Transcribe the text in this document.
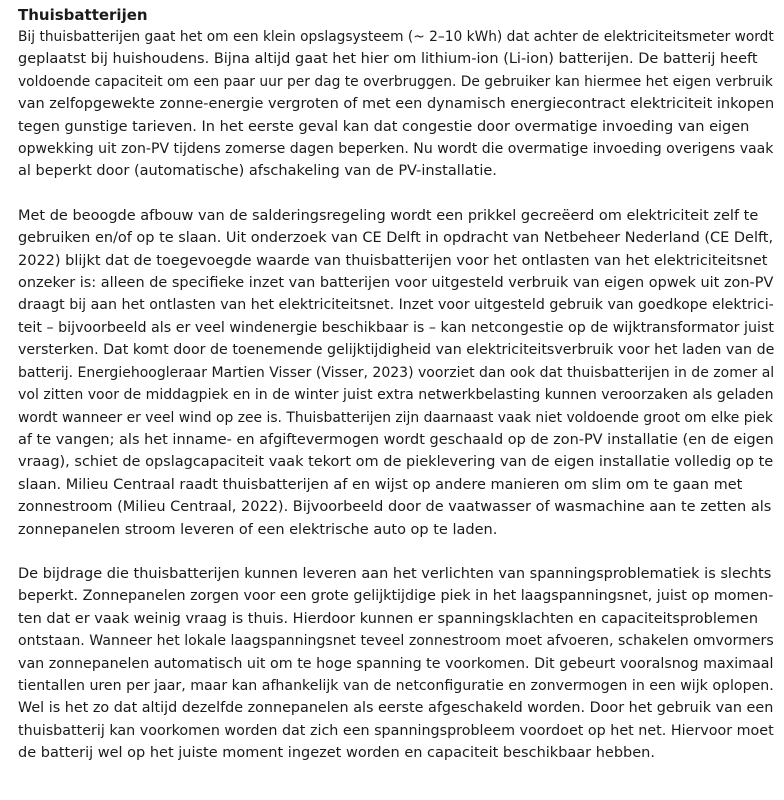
Thuisbatterijen

Bij thuisbatterijen gaat het om een klein opslagsysteem (~ 2–10 kWh) dat achter de elektriciteitsmeter wordt
geplaatst bij huishoudens. Bijna altijd gaat het hier om lithium-ion (Li-ion) batterijen. De batterij heeft
voldoende capaciteit om een paar uur per dag te overbruggen. De gebruiker kan hiermee het eigen verbruik
van zelfopgewekte zonne-energie vergroten of met een dynamisch energiecontract elektriciteit inkopen
tegen gunstige tarieven. In het eerste geval kan dat congestie door overmatige invoeding van eigen
opwekking uit zon-PV tijdens zomerse dagen beperken. Nu wordt die overmatige invoeding overigens vaak
al beperkt door (automatische) afschakeling van de PV-installatie.

Met de beoogde afbouw van de salderingsregeling wordt een prikkel gecreëerd om elektriciteit zelf te
gebruiken en/of op te slaan. Uit onderzoek van CE Delft in opdracht van Netbeheer Nederland (CE Delft,
2022) blijkt dat de toegevoegde waarde van thuisbatterijen voor het ontlasten van het elektriciteitsnet
onzeker is: alleen de specifieke inzet van batterijen voor uitgesteld verbruik van eigen opwek uit zon-PV
draagt bij aan het ontlasten van het elektriciteitsnet. Inzet voor uitgesteld gebruik van goedkope elektrici-
teit – bijvoorbeeld als er veel windenergie beschikbaar is – kan netcongestie op de wijktransformator juist
versterken. Dat komt door de toenemende gelijktijdigheid van elektriciteitsverbruik voor het laden van de
batterij. Energiehoogleraar Martien Visser (Visser, 2023) voorziet dan ook dat thuisbatterijen in de zomer al
vol zitten voor de middagpiek en in de winter juist extra netwerkbelasting kunnen veroorzaken als geladen
wordt wanneer er veel wind op zee is. Thuisbatterijen zijn daarnaast vaak niet voldoende groot om elke piek
af te vangen; als het inname- en afgiftevermogen wordt geschaald op de zon-PV installatie (en de eigen
vraag), schiet de opslagcapaciteit vaak tekort om de pieklevering van de eigen installatie volledig op te
slaan. Milieu Centraal raadt thuisbatterijen af en wijst op andere manieren om slim om te gaan met
zonnestroom (Milieu Centraal, 2022). Bijvoorbeeld door de vaatwasser of wasmachine aan te zetten als
zonnepanelen stroom leveren of een elektrische auto op te laden.

De bijdrage die thuisbatterijen kunnen leveren aan het verlichten van spanningsproblematiek is slechts
beperkt. Zonnepanelen zorgen voor een grote gelijktijdige piek in het laagspanningsnet, juist op momen-
ten dat er vaak weinig vraag is thuis. Hierdoor kunnen er spanningsklachten en capaciteitsproblemen
ontstaan. Wanneer het lokale laagspanningsnet teveel zonnestroom moet afvoeren, schakelen omvormers
van zonnepanelen automatisch uit om te hoge spanning te voorkomen. Dit gebeurt vooralsnog maximaal
tientallen uren per jaar, maar kan afhankelijk van de netconfiguratie en zonvermogen in een wijk oplopen.
Wel is het zo dat altijd dezelfde zonnepanelen als eerste afgeschakeld worden. Door het gebruik van een
thuisbatterij kan voorkomen worden dat zich een spanningsprobleem voordoet op het net. Hiervoor moet
de batterij wel op het juiste moment ingezet worden en capaciteit beschikbaar hebben.
